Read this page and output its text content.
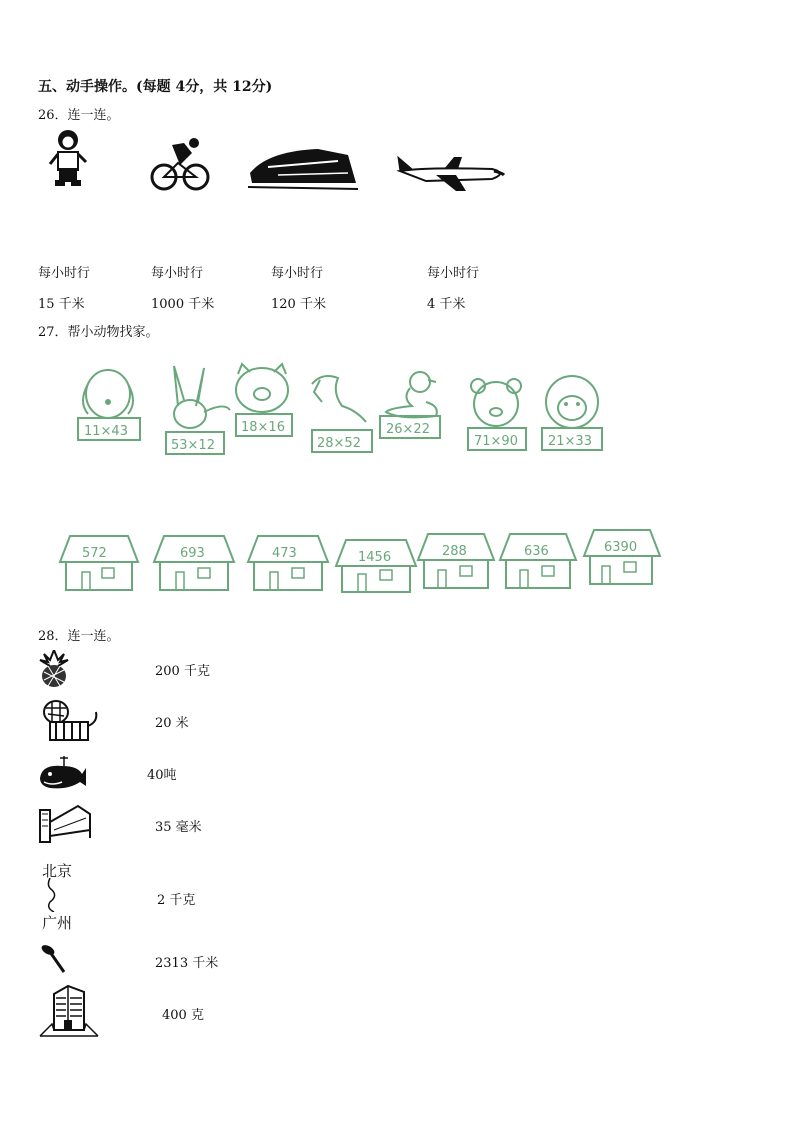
五、动手操作。(每题 4分，共 12分)
26．连一连。
每小时行	每小时行	每小时行	每小时行
15 千米	1000 千米	120 千米	4 千米
27．帮小动物找家。
11×43
53×12
18×16
28×52
26×22
71×90 21×33
572	693	473	1456	288	636	6390
28．连一连。
200 千克
20 米
40吨
35 毫米
北京
广州
2 千克
2313 千米
400 克
